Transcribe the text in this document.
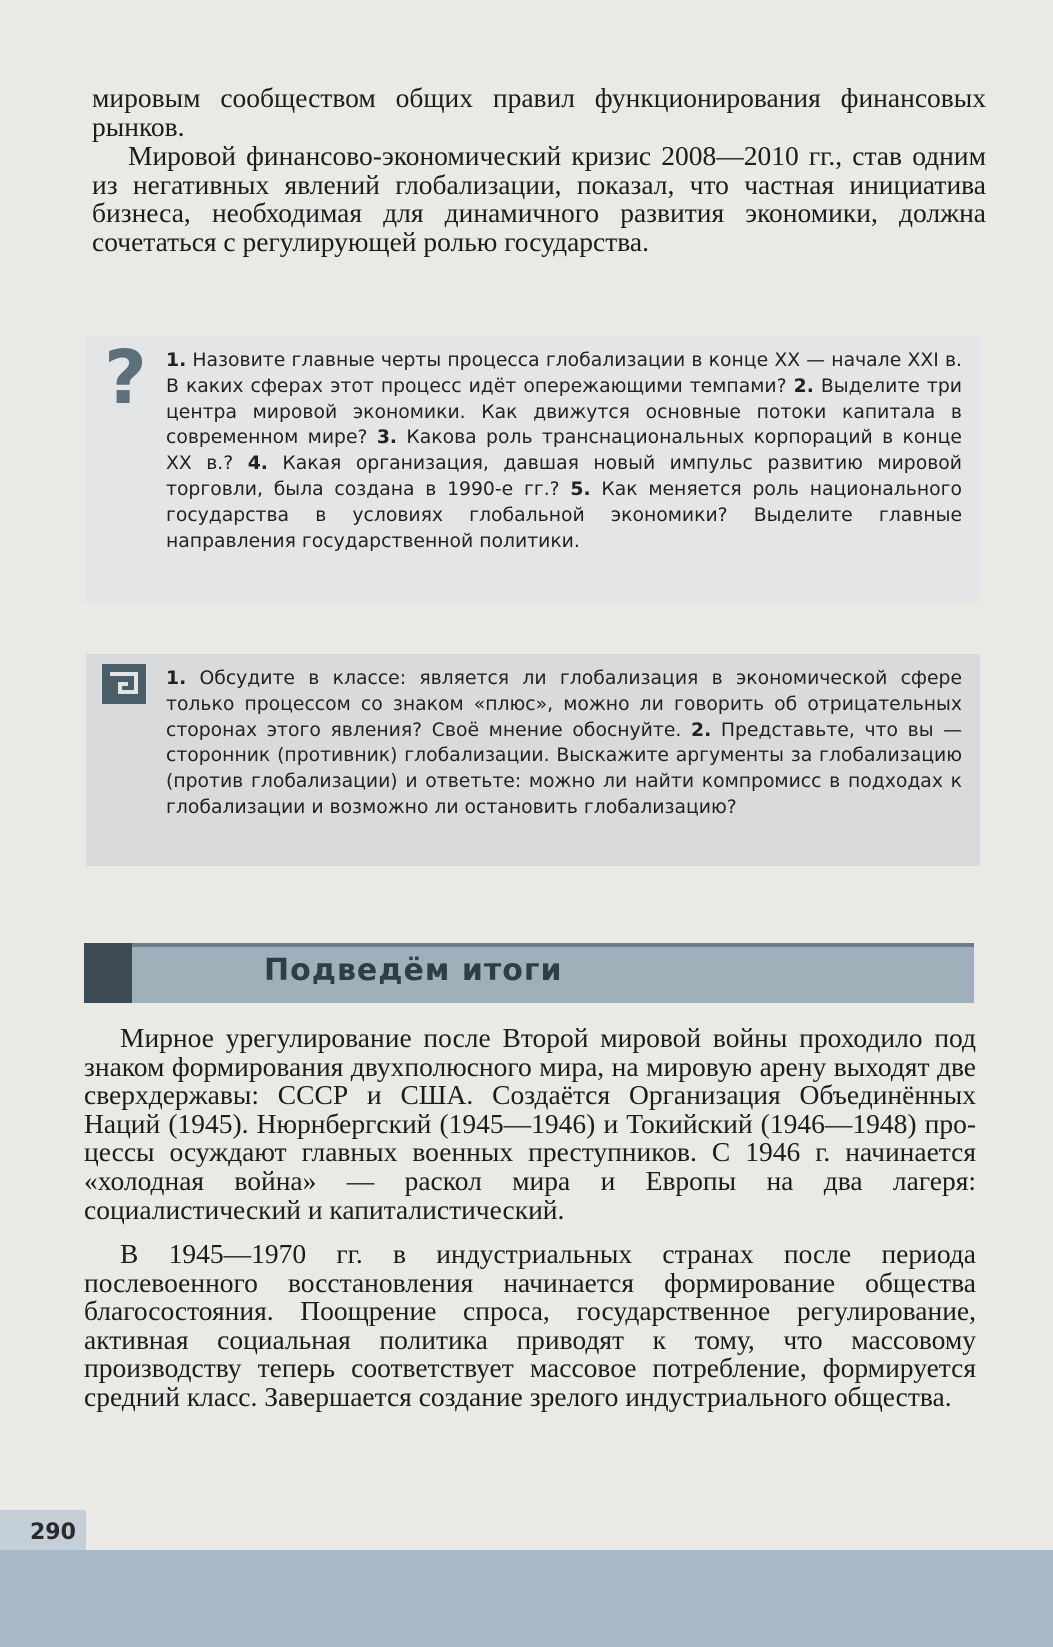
мировым сообществом общих правил функционирования финансовых рынков.

Мировой финансово-экономический кризис 2008—2010 гг., став одним из негативных явлений глобализации, показал, что частная инициатива бизнеса, необходимая для динамичного развития экономики, должна сочетаться с регулирующей ролью государства.

? 1. Назовите главные черты процесса глобализации в конце XX — начале XXI в. В каких сферах этот процесс идёт опережающими темпами? 2. Выделите три центра мировой экономики. Как движутся основные потоки капитала в современном мире? 3. Какова роль транснациональных корпораций в конце XX в.? 4. Какая организация, давшая новый импульс развитию мировой торговли, была создана в 1990-е гг.? 5. Как меняется роль национального государства в условиях глобальной экономики? Выделите главные направления государственной политики.

1. Обсудите в классе: является ли глобализация в экономической сфере только процессом со знаком «плюс», можно ли говорить об отрицательных сторонах этого явления? Своё мнение обоснуйте. 2. Представьте, что вы — сторонник (противник) глобализации. Выскажите аргументы за глобализацию (против глобализации) и ответьте: можно ли найти компромисс в подходах к глобализации и возможно ли остановить глобализацию?

Подведём итоги

Мирное урегулирование после Второй мировой войны проходило под знаком формирования двухполюсного мира, на мировую арену выходят две сверхдержавы: СССР и США. Создаётся Организация Объединённых Наций (1945). Нюрнбергский (1945—1946) и Токийский (1946—1948) процессы осуждают главных военных преступников. С 1946 г. начинается «холодная война» — раскол мира и Европы на два лагеря: социалистический и капиталистический.

В 1945—1970 гг. в индустриальных странах после периода послевоенного восстановления начинается формирование общества благосостояния. Поощрение спроса, государственное регулирование, активная социальная политика приводят к тому, что массовому производству теперь соответствует массовое потребление, формируется средний класс. Завершается создание зрелого индустриального общества.

290
